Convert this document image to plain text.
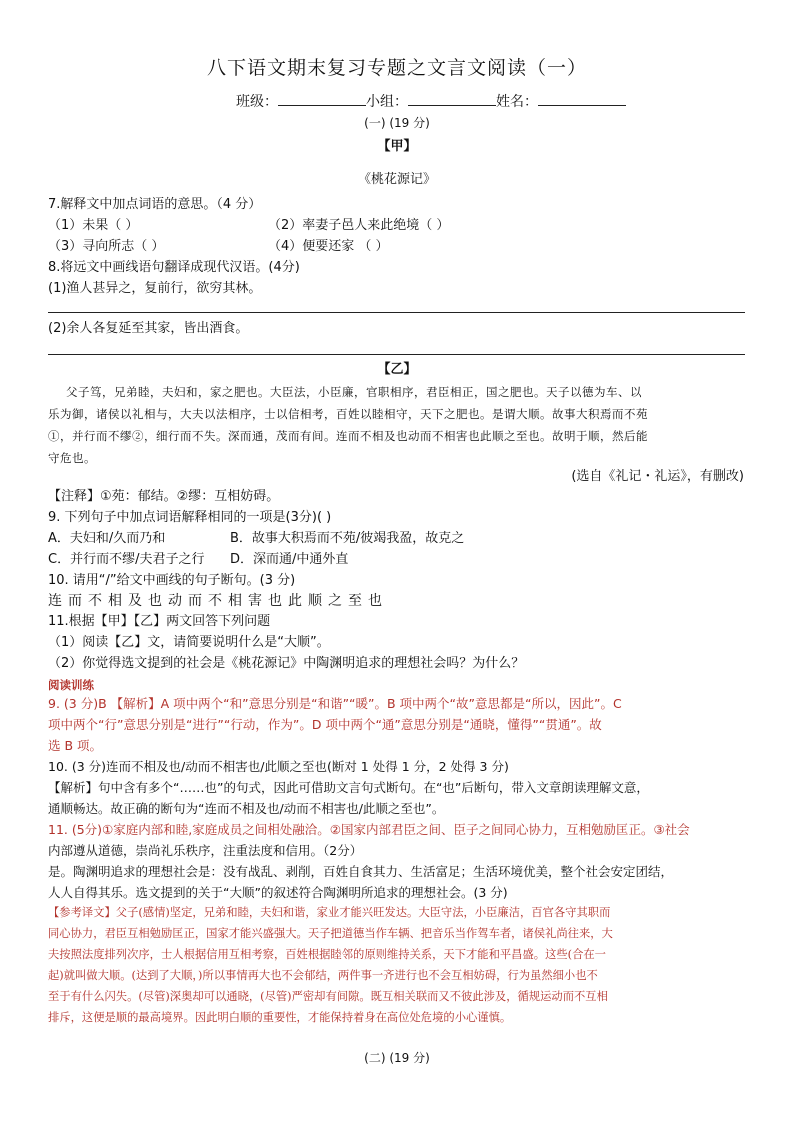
八下语文期末复习专题之文言文阅读（一）
班级：	小组：	姓名：
(一) (19 分)
【甲】
《桃花源记》
7.解释文中加点词语的意思。（4 分）
（1）未果（ ）	（2）率妻子邑人来此绝境（ ）
（3）寻向所志（ ）	（4）便要还家 （ ）
8.将远文中画线语句翻译成现代汉语。(4分)
(1)渔人甚异之，复前行，欲穷其林。
(2)余人各复延至其家，皆出酒食。
【乙】
父子笃，兄弟睦，夫妇和，家之肥也。大臣法，小臣廉，官职相序，君臣相正，国之肥也。天子以德为车、以
乐为御，诸侯以礼相与，大夫以法相序，士以信相考，百姓以睦相守，天下之肥也。是谓大顺。故事大积焉而不苑
①，并行而不缪②，细行而不失。深而通，茂而有间。连而不相及也动而不相害也此顺之至也。故明于顺，然后能
守危也。
(选自《礼记・礼运》，有删改)
【注释】①苑：郁结。②缪：互相妨碍。
9. 下列句子中加点词语解释相同的一项是(3分)( )
A．夫妇和/久而乃和	B．故事大积焉而不苑/彼竭我盈，故克之
C．并行而不缪/夫君子之行 D．深而通/中通外直
10. 请用“/”给文中画线的句子断句。(3 分)
连而不相及也动而不相害也此顺之至也
11.根据【甲】【乙】两文回答下列问题
（1）阅读【乙】文，请简要说明什么是“大顺”。
（2）你觉得选文提到的社会是《桃花源记》中陶渊明追求的理想社会吗？为什么？
阅读训练
9. (3 分)B 【解析】A 项中两个“和”意思分别是“和谐”“暖”。B 项中两个“故”意思都是“所以，因此”。C
项中两个“行”意思分别是“进行”“行动，作为”。D 项中两个“通”意思分别是“通晓，懂得”“贯通”。故
选 B 项。
10. (3 分)连而不相及也/动而不相害也/此顺之至也(断对 1 处得 1 分，2 处得 3 分)
【解析】句中含有多个“……也”的句式，因此可借助文言句式断句。在“也”后断句，带入文章朗读理解文意，
通顺畅达。故正确的断句为“连而不相及也/动而不相害也/此顺之至也”。
11. (5分)①家庭内部和睦,家庭成员之间相处融洽。②国家内部君臣之间、臣子之间同心协力，互相勉励匡正。③社会
内部遵从道德，崇尚礼乐秩序，注重法度和信用。（2分）
是。陶渊明追求的理想社会是：没有战乱、剥削，百姓自食其力、生活富足；生活环境优美，整个社会安定团结，
人人自得其乐。选文提到的关于“大顺”的叙述符合陶渊明所追求的理想社会。(3 分)
【参考译文】父子(感情)坚定，兄弟和睦，夫妇和谐，家业才能兴旺发达。大臣守法，小臣廉洁，百官各守其职而
同心协力，君臣互相勉励匡正，国家才能兴盛强大。天子把道德当作车辆、把音乐当作驾车者，诸侯礼尚往来，大
夫按照法度排列次序，士人根据信用互相考察，百姓根据睦邻的原则维持关系，天下才能和平昌盛。这些(合在一
起)就叫做大顺。(达到了大顺，)所以事情再大也不会郁结，两件事一齐进行也不会互相妨碍，行为虽然细小也不
至于有什么闪失。(尽管)深奥却可以通晓，(尽管)严密却有间隙。既互相关联而又不彼此涉及，循规运动而不互相
排斥，这便是顺的最高境界。因此明白顺的重要性，才能保持着身在高位处危境的小心谨慎。
(二) (19 分)
